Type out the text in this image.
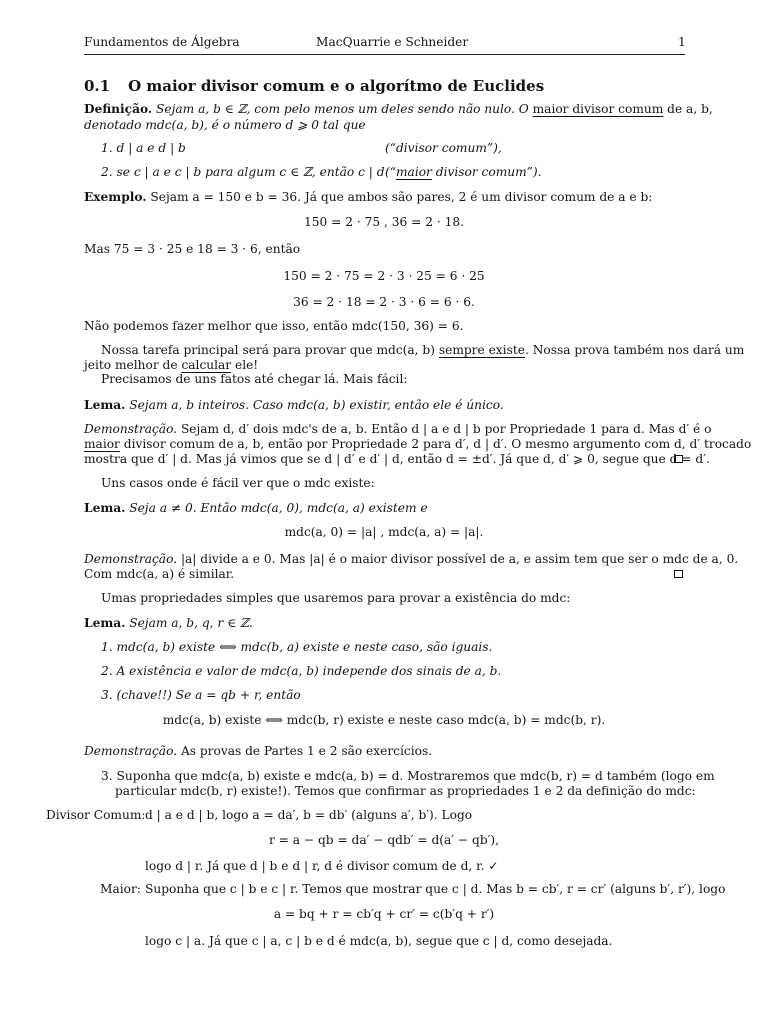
Fundamentos de Álgebra	MacQuarrie e Schneider	1
0.1 O maior divisor comum e o algorítmo de Euclides
Definição. Sejam a, b ∈ ℤ, com pelo menos um deles sendo não nulo. O maior divisor comum de a, b,
denotado mdc(a, b), é o número d ⩾ 0 tal que
1. d | a e d | b	(“divisor comum”),
2. se c | a e c | b para algum c ∈ ℤ, então c | d (“maior divisor comum”).
Exemplo. Sejam a = 150 e b = 36. Já que ambos são pares, 2 é um divisor comum de a e b:
150 = 2 · 75 , 36 = 2 · 18.
Mas 75 = 3 · 25 e 18 = 3 · 6, então
150 = 2 · 75 = 2 · 3 · 25 = 6 · 25
36 = 2 · 18 = 2 · 3 · 6 = 6 · 6.
Não podemos fazer melhor que isso, então mdc(150, 36) = 6.
Nossa tarefa principal será para provar que mdc(a, b) sempre existe. Nossa prova também nos dará um
jeito melhor de calcular ele!
Precisamos de uns fatos até chegar lá. Mais fácil:
Lema. Sejam a, b inteiros. Caso mdc(a, b) existir, então ele é único.
Demonstração. Sejam d, d′ dois mdc's de a, b. Então d | a e d | b por Propriedade 1 para d. Mas d′ é o
maior divisor comum de a, b, então por Propriedade 2 para d′, d | d′. O mesmo argumento com d, d′ trocado
mostra que d′ | d. Mas já vimos que se d | d′ e d′ | d, então d = ±d′. Já que d, d′ ⩾ 0, segue que d = d′.
Uns casos onde é fácil ver que o mdc existe:
Lema. Seja a ≠ 0. Então mdc(a, 0), mdc(a, a) existem e
mdc(a, 0) = |a| , mdc(a, a) = |a|.
Demonstração. |a| divide a e 0. Mas |a| é o maior divisor possível de a, e assim tem que ser o mdc de a, 0.
Com mdc(a, a) é similar.
Umas propriedades simples que usaremos para provar a existência do mdc:
Lema. Sejam a, b, q, r ∈ ℤ.
1. mdc(a, b) existe ⟺ mdc(b, a) existe e neste caso, são iguais.
2. A existência e valor de mdc(a, b) independe dos sinais de a, b.
3. (chave!!) Se a = qb + r, então
mdc(a, b) existe ⟺ mdc(b, r) existe e neste caso mdc(a, b) = mdc(b, r).
Demonstração. As provas de Partes 1 e 2 são exercícios.
3. Suponha que mdc(a, b) existe e mdc(a, b) = d. Mostraremos que mdc(b, r) = d também (logo em
particular mdc(b, r) existe!). Temos que confirmar as propriedades 1 e 2 da definição do mdc:
Divisor Comum: d | a e d | b, logo a = da′, b = db′ (alguns a′, b′). Logo
r = a − qb = da′ − qdb′ = d(a′ − qb′),
logo d | r. Já que d | b e d | r, d é divisor comum de d, r. ✓
Maior: Suponha que c | b e c | r. Temos que mostrar que c | d. Mas b = cb′, r = cr′ (alguns b′, r′), logo
a = bq + r = cb′q + cr′ = c(b′q + r′)
logo c | a. Já que c | a, c | b e d é mdc(a, b), segue que c | d, como desejada.
